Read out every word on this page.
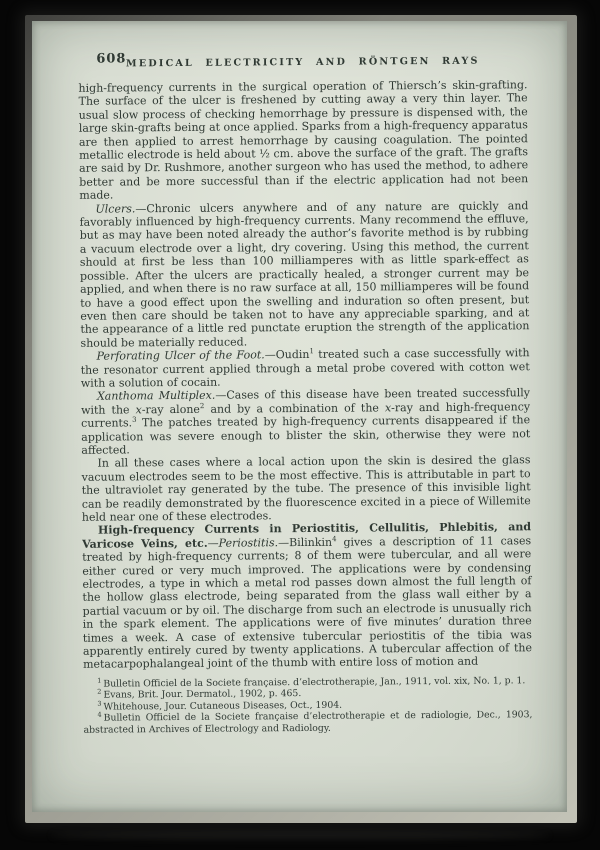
608 MEDICAL ELECTRICITY AND RÖNTGEN RAYS

high-frequency currents in the surgical operation of Thiersch’s skin-grafting. The surface of the ulcer is freshened by cutting away a very thin layer. The usual slow process of checking hemorrhage by pressure is dispensed with, the large skin-grafts being at once applied. Sparks from a high-frequency apparatus are then applied to arrest hemorrhage by causing coagulation. The pointed metallic electrode is held about ½ cm. above the surface of the graft. The grafts are said by Dr. Rushmore, another surgeon who has used the method, to adhere better and be more successful than if the electric application had not been made.

Ulcers.—Chronic ulcers anywhere and of any nature are quickly and favorably influenced by high-frequency currents. Many recommend the effluve, but as may have been noted already the author’s favorite method is by rubbing a vacuum electrode over a light, dry covering. Using this method, the current should at first be less than 100 milliamperes with as little spark-effect as possible. After the ulcers are practically healed, a stronger current may be applied, and when there is no raw surface at all, 150 milliamperes will be found to have a good effect upon the swelling and induration so often present, but even then care should be taken not to have any appreciable sparking, and at the appearance of a little red punctate eruption the strength of the application should be materially reduced.

Perforating Ulcer of the Foot.—Oudin$^1$ treated such a case successfully with the resonator current applied through a metal probe covered with cotton wet with a solution of cocain.

Xanthoma Multiplex.—Cases of this disease have been treated successfully with the x-ray alone$^2$ and by a combination of the x-ray and high-frequency currents.$^3$ The patches treated by high-frequency currents disappeared if the application was severe enough to blister the skin, otherwise they were not affected.

In all these cases where a local action upon the skin is desired the glass vacuum electrodes seem to be the most effective. This is attributable in part to the ultraviolet ray generated by the tube. The presence of this invisible light can be readily demonstrated by the fluorescence excited in a piece of Willemite held near one of these electrodes.

High-frequency Currents in Periostitis, Cellulitis, Phlebitis, and Varicose Veins, etc.—Periostitis.—Bilinkin$^4$ gives a description of 11 cases treated by high-frequency currents; 8 of them were tubercular, and all were either cured or very much improved. The applications were by condensing electrodes, a type in which a metal rod passes down almost the full length of the hollow glass electrode, being separated from the glass wall either by a partial vacuum or by oil. The discharge from such an electrode is unusually rich in the spark element. The applications were of five minutes’ duration three times a week. A case of extensive tubercular periostitis of the tibia was apparently entirely cured by twenty applications. A tubercular affection of the metacarpophalangeal joint of the thumb with entire loss of motion and

$^1$ Bulletin Officiel de la Societe française. d’electrotherapie, Jan., 1911, vol. xix, No. 1, p. 1.
$^2$ Evans, Brit. Jour. Dermatol., 1902, p. 465.
$^3$ Whitehouse, Jour. Cutaneous Diseases, Oct., 1904.
$^4$ Bulletin Officiel de la Societe française d’electrotherapie et de radiologie, Dec., 1903, abstracted in Archives of Electrology and Radiology.
